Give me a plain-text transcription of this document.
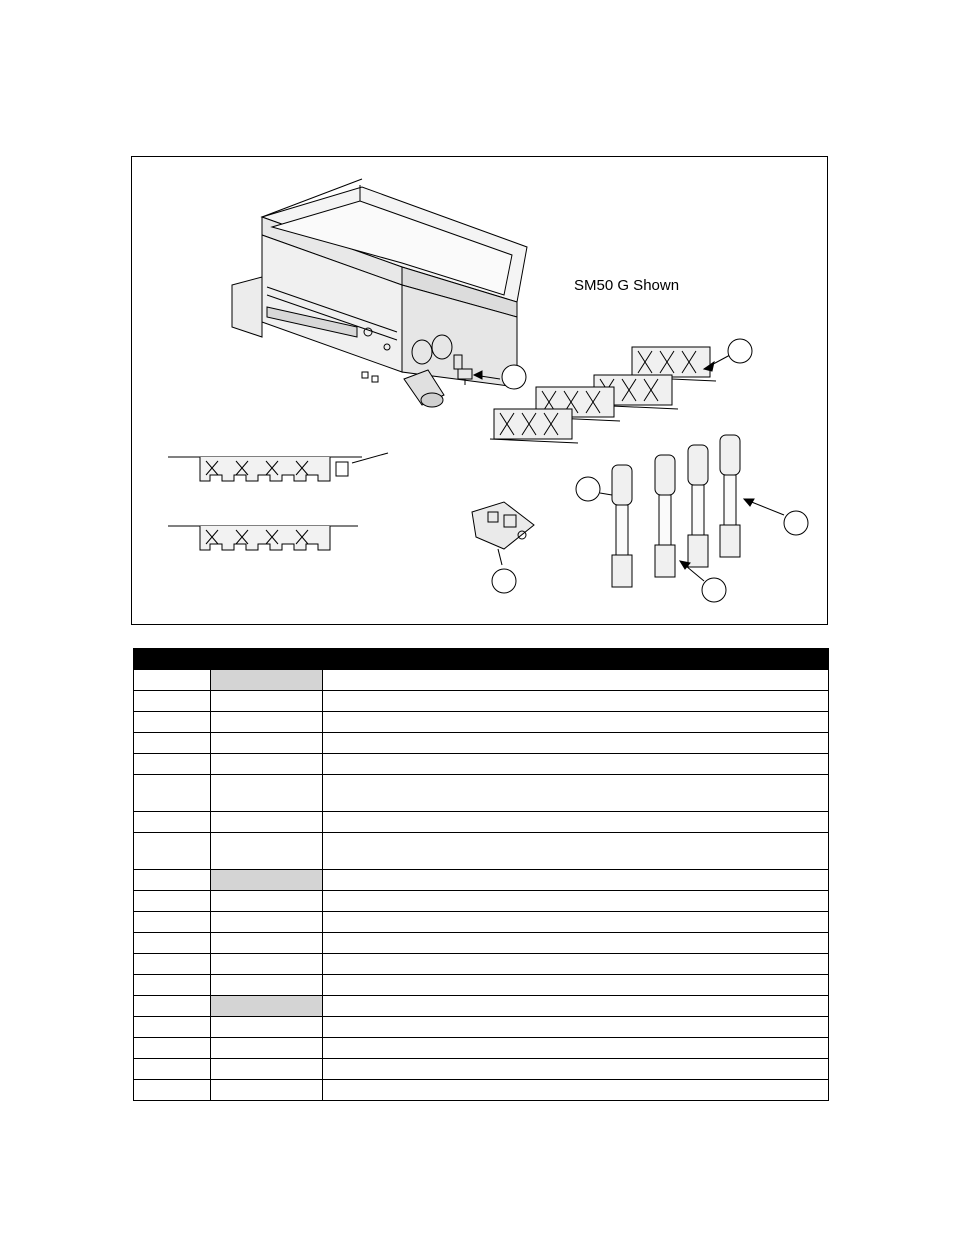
SM50 G Shown
